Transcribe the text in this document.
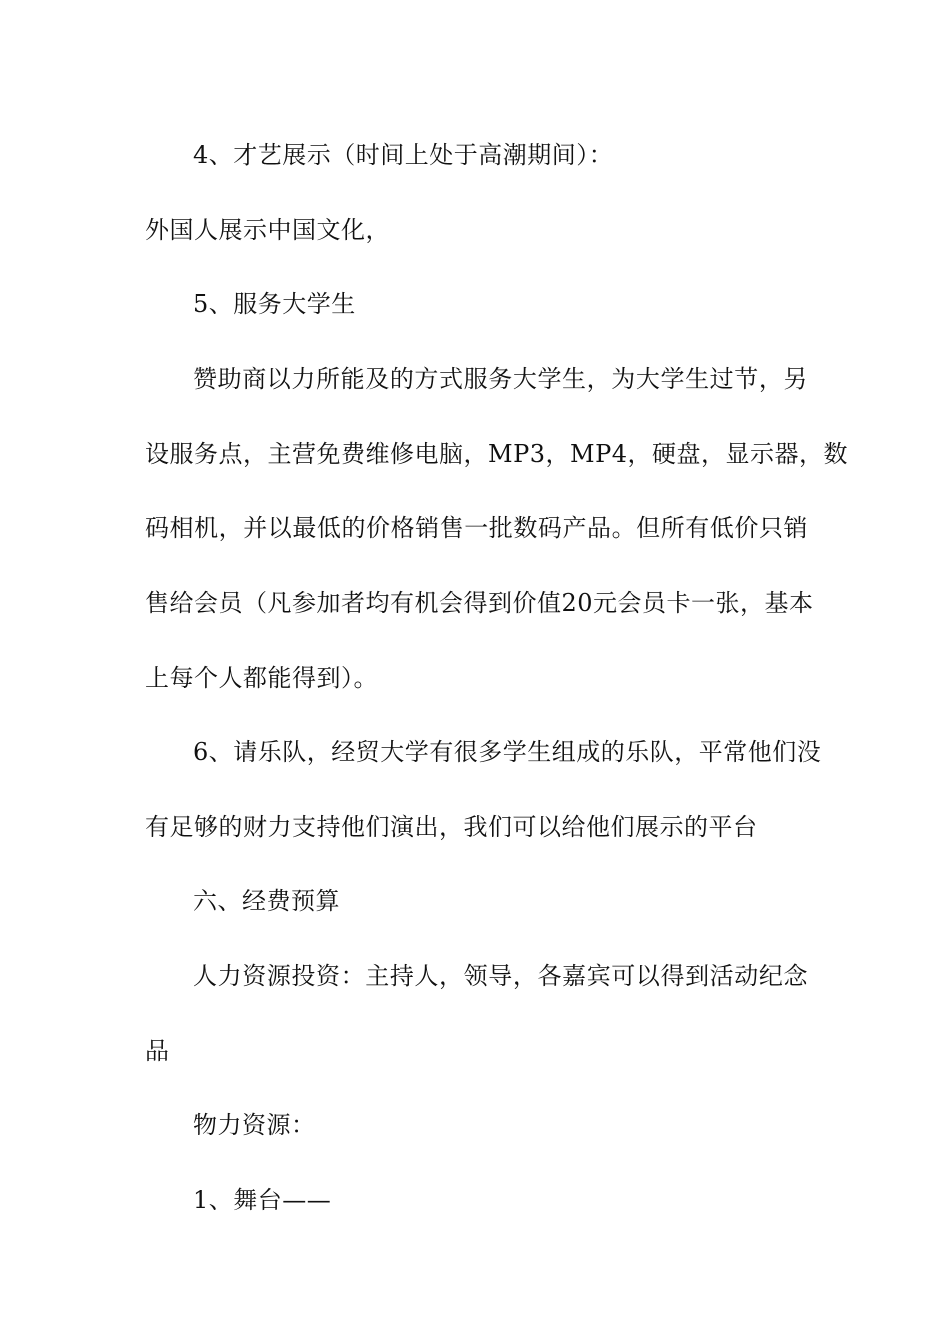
4、才艺展示（时间上处于高潮期间）：
外国人展示中国文化，
5、服务大学生
赞助商以力所能及的方式服务大学生，为大学生过节，另
设服务点，主营免费维修电脑，MP3，MP4，硬盘，显示器，数
码相机，并以最低的价格销售一批数码产品。但所有低价只销
售给会员（凡参加者均有机会得到价值20元会员卡一张，基本
上每个人都能得到）。
6、请乐队，经贸大学有很多学生组成的乐队，平常他们没
有足够的财力支持他们演出，我们可以给他们展示的平台
六、经费预算
人力资源投资：主持人，领导，各嘉宾可以得到活动纪念
品
物力资源：
1、舞台——
